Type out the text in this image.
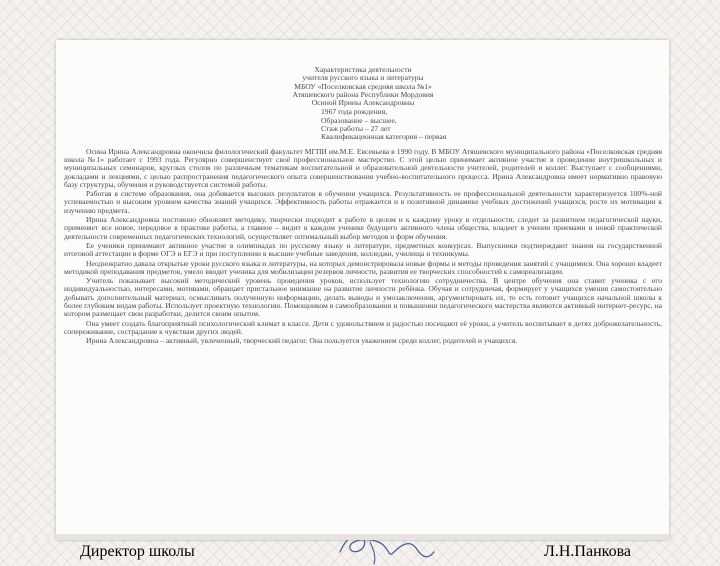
Характеристика деятельности
учителя русского языка и литературы
МБОУ «Поселковская средняя школа №1»
Атяшевского района Республики Мордовия
Осиной Ирины Александровны
1967 года рождения,
Образование – высшее,
Стаж работы – 27 лет
Квалификационная категория – первая

Осина Ирина Александровна окончила филологический факультет МГПИ им.М.Е. Евсевьева в 1990 году. В МБОУ Атяшевского муниципального района «Поселковская средняя школа №1» работает с 1993 года. Регулярно совершенствует своё профессиональное мастерство. С этой целью принимает активное участие в проведении внутришкольных и муниципальных семинаров, круглых столов по различным тематикам воспитательной и образовательной деятельности учителей, родителей и коллег. Выступает с сообщениями, докладами и лекциями, с целью распространения педагогического опыта совершенствования учебно-воспитательного процесса. Ирина Александровна имеет нормативно правовую базу структуры, обучения и руководствуется системой работы.

Работая в системе образования, она добивается высоких результатов в обучении учащихся. Результативность ее профессиональной деятельности характеризуется 100%-ной успеваемостью и высоким уровнем качества знаний учащихся. Эффективность работы отражается и в позитивной динамике учебных достижений учащихся, росте их мотивации к изучению предмета.

Ирина Александровна постоянно обновляет методику, творчески подходит к работе в целом и к каждому уроку в отдельности, следит за развитием педагогической науки, применяет все новое, передовое в практике работы, а главное – видит в каждом ученике будущего активного члена общества, владеет в учении приемами и новой практической деятельности современных педагогических технологий, осуществляет оптимальный выбор методов и форм обучения.

Ее ученики принимают активное участие в олимпиадах по русскому языку и литературе, предметных конкурсах. Выпускники подтверждают знания на государственной итоговой аттестации в форме ОГЭ и ЕГЭ и при поступлении в высшие учебные заведения, колледжи, училища и техникумы.

Неоднократно давала открытые уроки русского языка и литературы, на которых демонстрировала новые формы и методы проведения занятий с учащимися. Она хорошо владеет методикой преподавания предметов, умело вводит ученика для мобилизации резервов личности, развития ее творческих способностей к самореализации.

Учитель показывает высокий методический уровень проведения уроков, использует технологию сотрудничества. В центре обучения она ставит ученика с его индивидуальностью, интересами, мотивами, обращает пристальное внимание на развитие личности ребёнка. Обучая и сотрудничая, формирует у учащихся умения самостоятельно добывать дополнительный материал, осмысливать полученную информацию, делать выводы и умозаключения, аргументировать их, то есть готовит учащихся начальной школы к более глубоким видам работы. Использует проектную технологию. Помощником в самообразовании и повышении педагогического мастерства являются активный интернет-ресурс, на котором размещает свои разработки, делится своим опытом.

Она умеет создать благоприятный психологический климат в классе. Дети с удовольствием и радостью посещают её уроки, а учитель воспитывает в детях доброжелательность, сопереживание, сострадание к чувствам других людей.

Ирина Александровна – активный, увлеченный, творческий педагог. Она пользуется уважением среди коллег, родителей и учащихся.

Директор школы	Л.Н.Панкова
